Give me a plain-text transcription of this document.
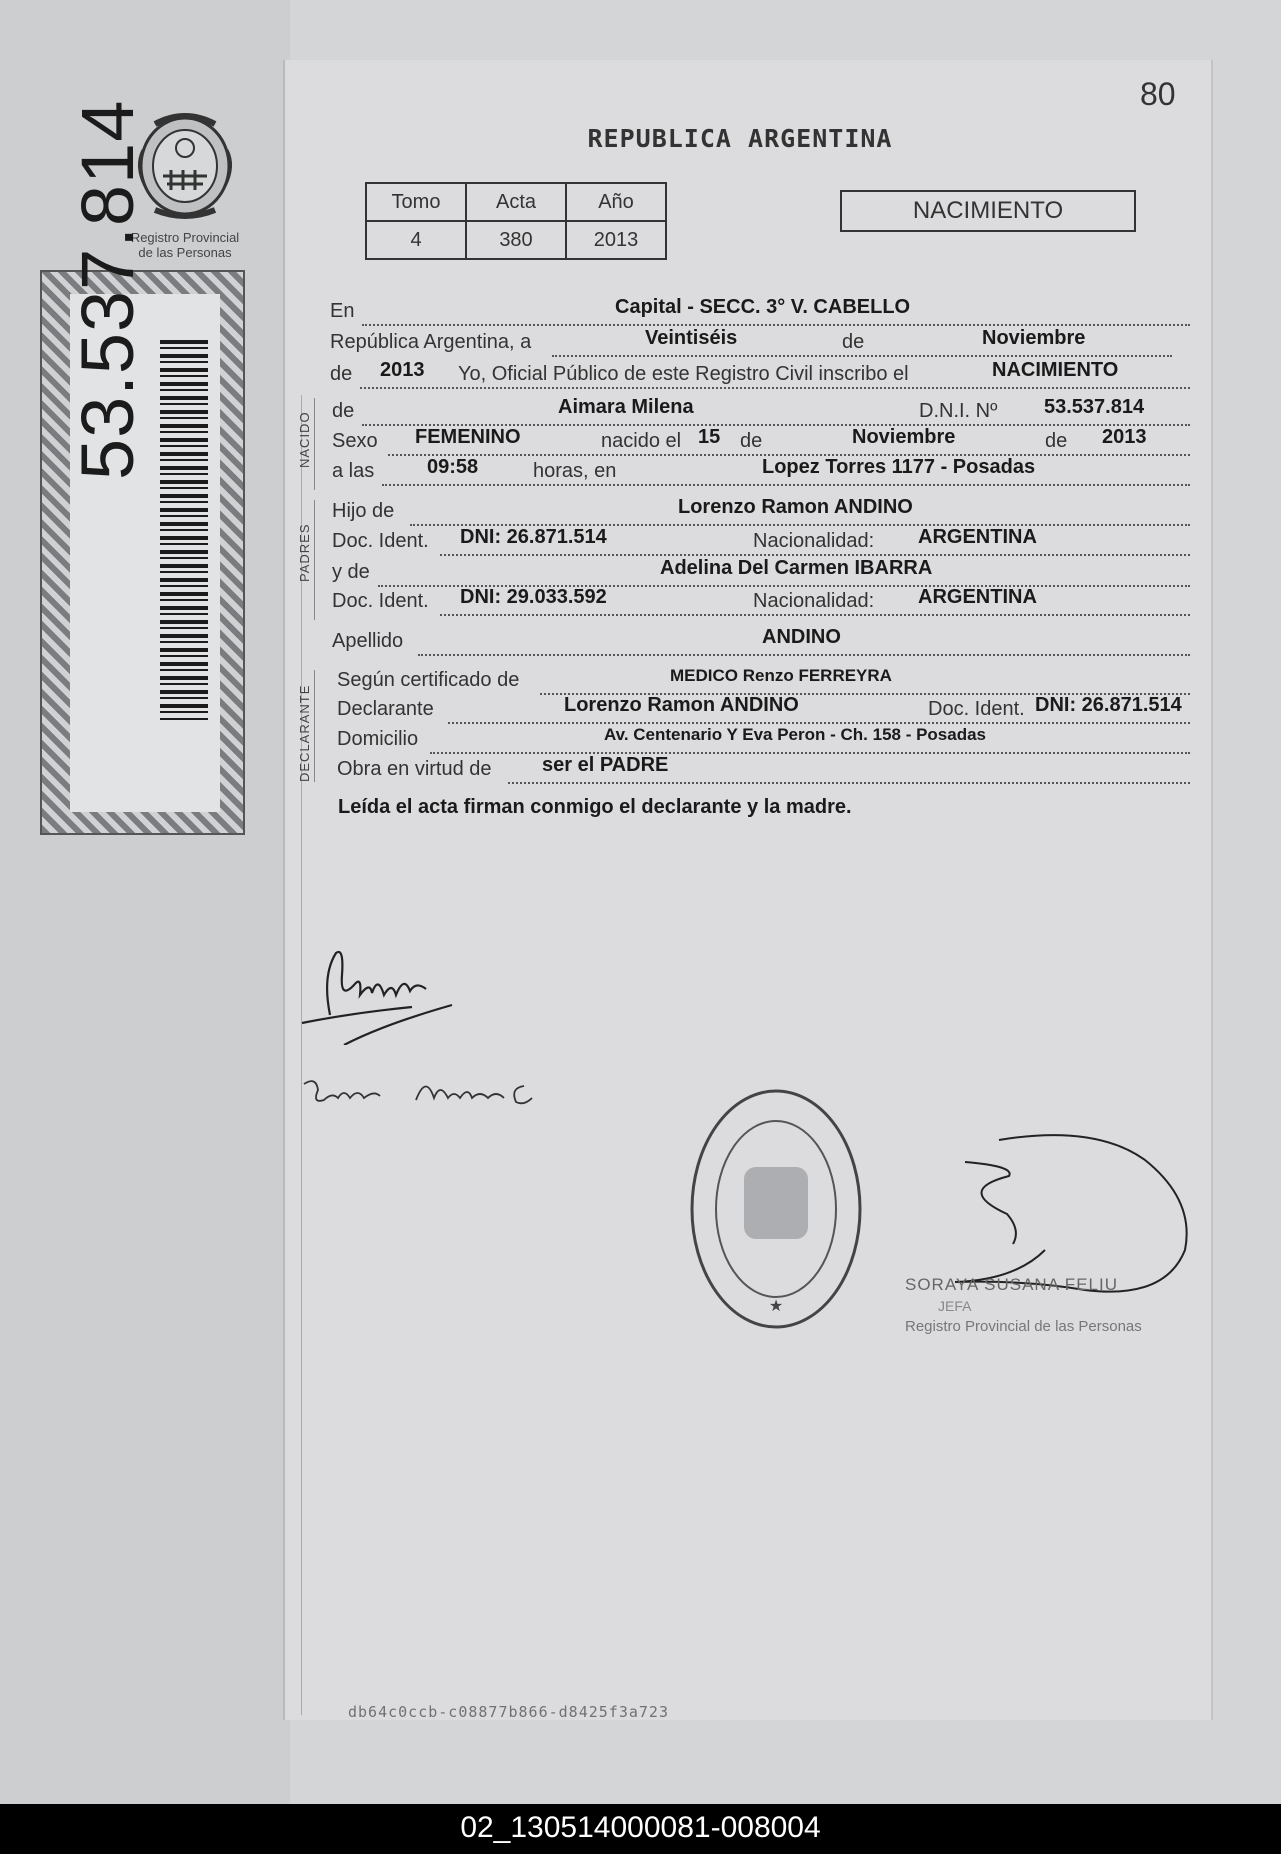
Registro Provincial
de las Personas
53.537.814
80
REPUBLICA ARGENTINA
Tomo	Acta	Año
4	380	2013
NACIMIENTO
En	Capital - SECC. 3° V. CABELLO
República Argentina, a	Veintiséis	de	Noviembre
de 2013 Yo, Oficial Público de este Registro Civil inscribo el	NACIMIENTO
de	Aimara Milena	D.N.I. Nº 53.537.814
Sexo FEMENINO	nacido el 15 de	Noviembre	de 2013
a las	09:58	horas, en	Lopez Torres 1177 - Posadas
Hijo de	Lorenzo Ramon ANDINO
Doc. Ident. DNI: 26.871.514	Nacionalidad: ARGENTINA
y de	Adelina Del Carmen IBARRA
Doc. Ident. DNI: 29.033.592	Nacionalidad: ARGENTINA
Apellido	ANDINO
Según certificado de	MEDICO Renzo FERREYRA
Declarante	Lorenzo Ramon ANDINO	Doc. Ident. DNI: 26.871.514
Domicilio	Av. Centenario Y Eva Peron - Ch. 158 - Posadas
Obra en virtud de	ser el PADRE
NACIDO
PADRES
DECLARANTE
Leída el acta firman conmigo el declarante y la madre.
★
SORAYA SUSANA FELIU
JEFA
Registro Provincial de las Personas
db64c0ccb-c08877b866-d8425f3a723
02_130514000081-008004
